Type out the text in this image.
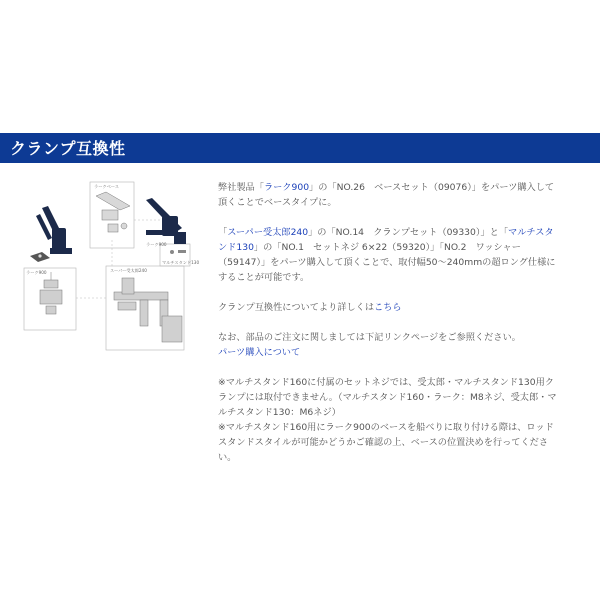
クランプ互換性
ラークベース
ラーク900
ラーク900
スーパー受太郎240
マルチスタンド130

弊社製品「ラーク900」の「NO.26　ベースセット（09076）」をパーツ購入して

頂くことでベースタイプに。

「スーパー受太郎240」の「NO.14　クランプセット（09330）」と「マルチスタ

ンド130」の「NO.1　セットネジ 6×22（59320）」「NO.2　ワッシャー

（59147）」をパーツ購入して頂くことで、取付幅50～240mmの超ロング仕様に

することが可能です。

クランプ互換性についてより詳しくはこちら

なお、部品のご注文に関しましては下記リンクページをご参照ください。

パーツ購入について

※マルチスタンド160に付属のセットネジでは、受太郎・マルチスタンド130用ク

ランプには取付できません。（マルチスタンド160・ラーク：M8ネジ、受太郎・マ

ルチスタンド130：M6ネジ）

※マルチスタンド160用にラーク900のベースを船べりに取り付ける際は、ロッド

スタンドスタイルが可能かどうかご確認の上、ベースの位置決めを行ってくださ

い。
